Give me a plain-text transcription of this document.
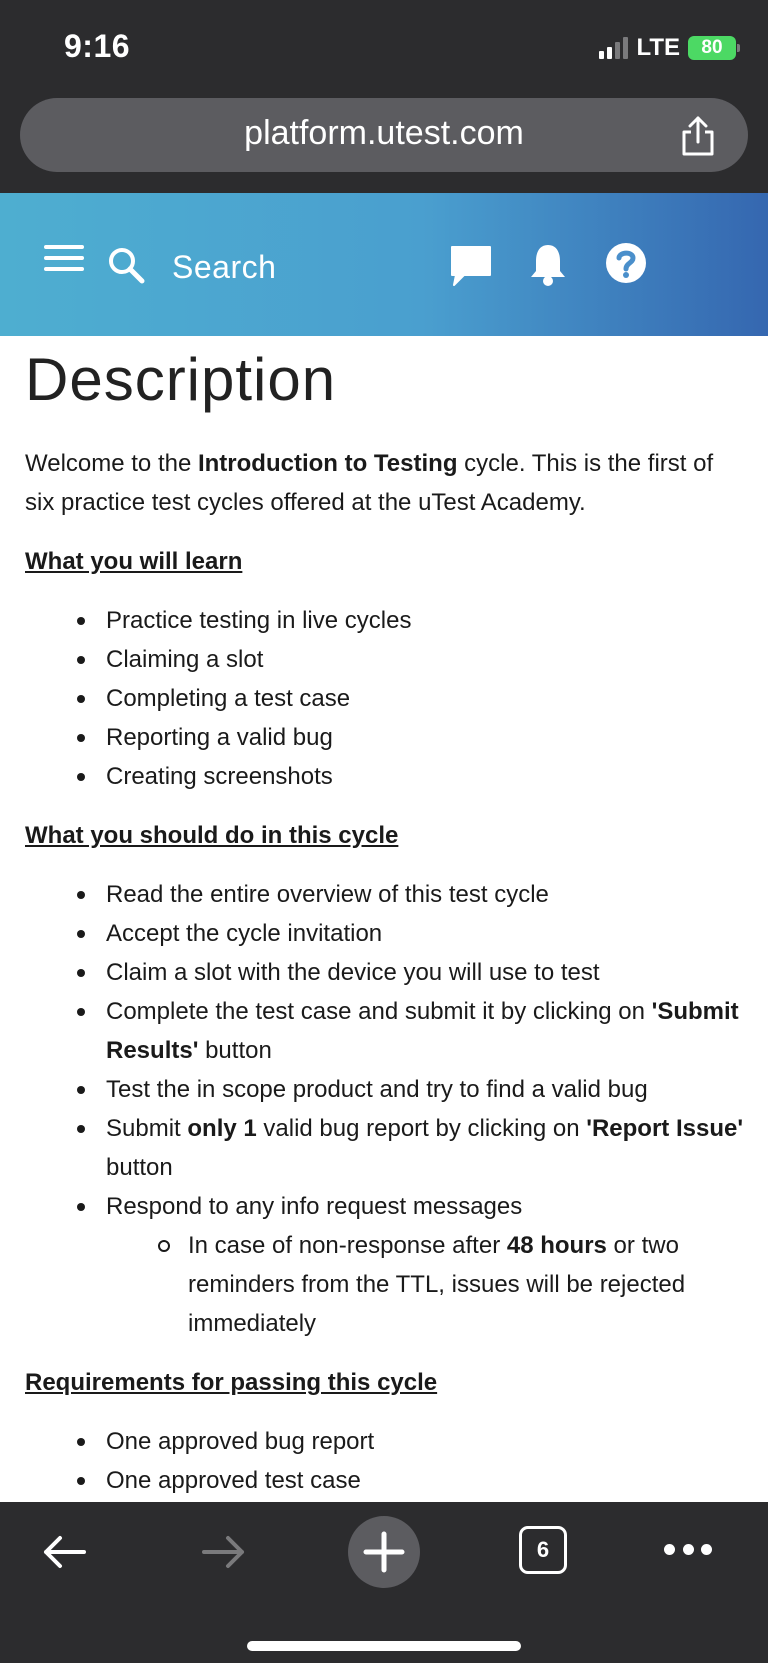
9:16	LTE 80
platform.utest.com
Search
Description

Welcome to the Introduction to Testing cycle. This is the first of six practice test cycles offered at the uTest Academy.

What you will learn
Practice testing in live cycles
Claiming a slot
Completing a test case
Reporting a valid bug
Creating screenshots
What you should do in this cycle
Read the entire overview of this test cycle
Accept the cycle invitation
Claim a slot with the device you will use to test
Complete the test case and submit it by clicking on 'Submit Results' button
Test the in scope product and try to find a valid bug
Submit only 1 valid bug report by clicking on 'Report Issue' button
Respond to any info request messages
In case of non-response after 48 hours or two reminders from the TTL, issues will be rejected immediately
Requirements for passing this cycle
One approved bug report
One approved test case
6
